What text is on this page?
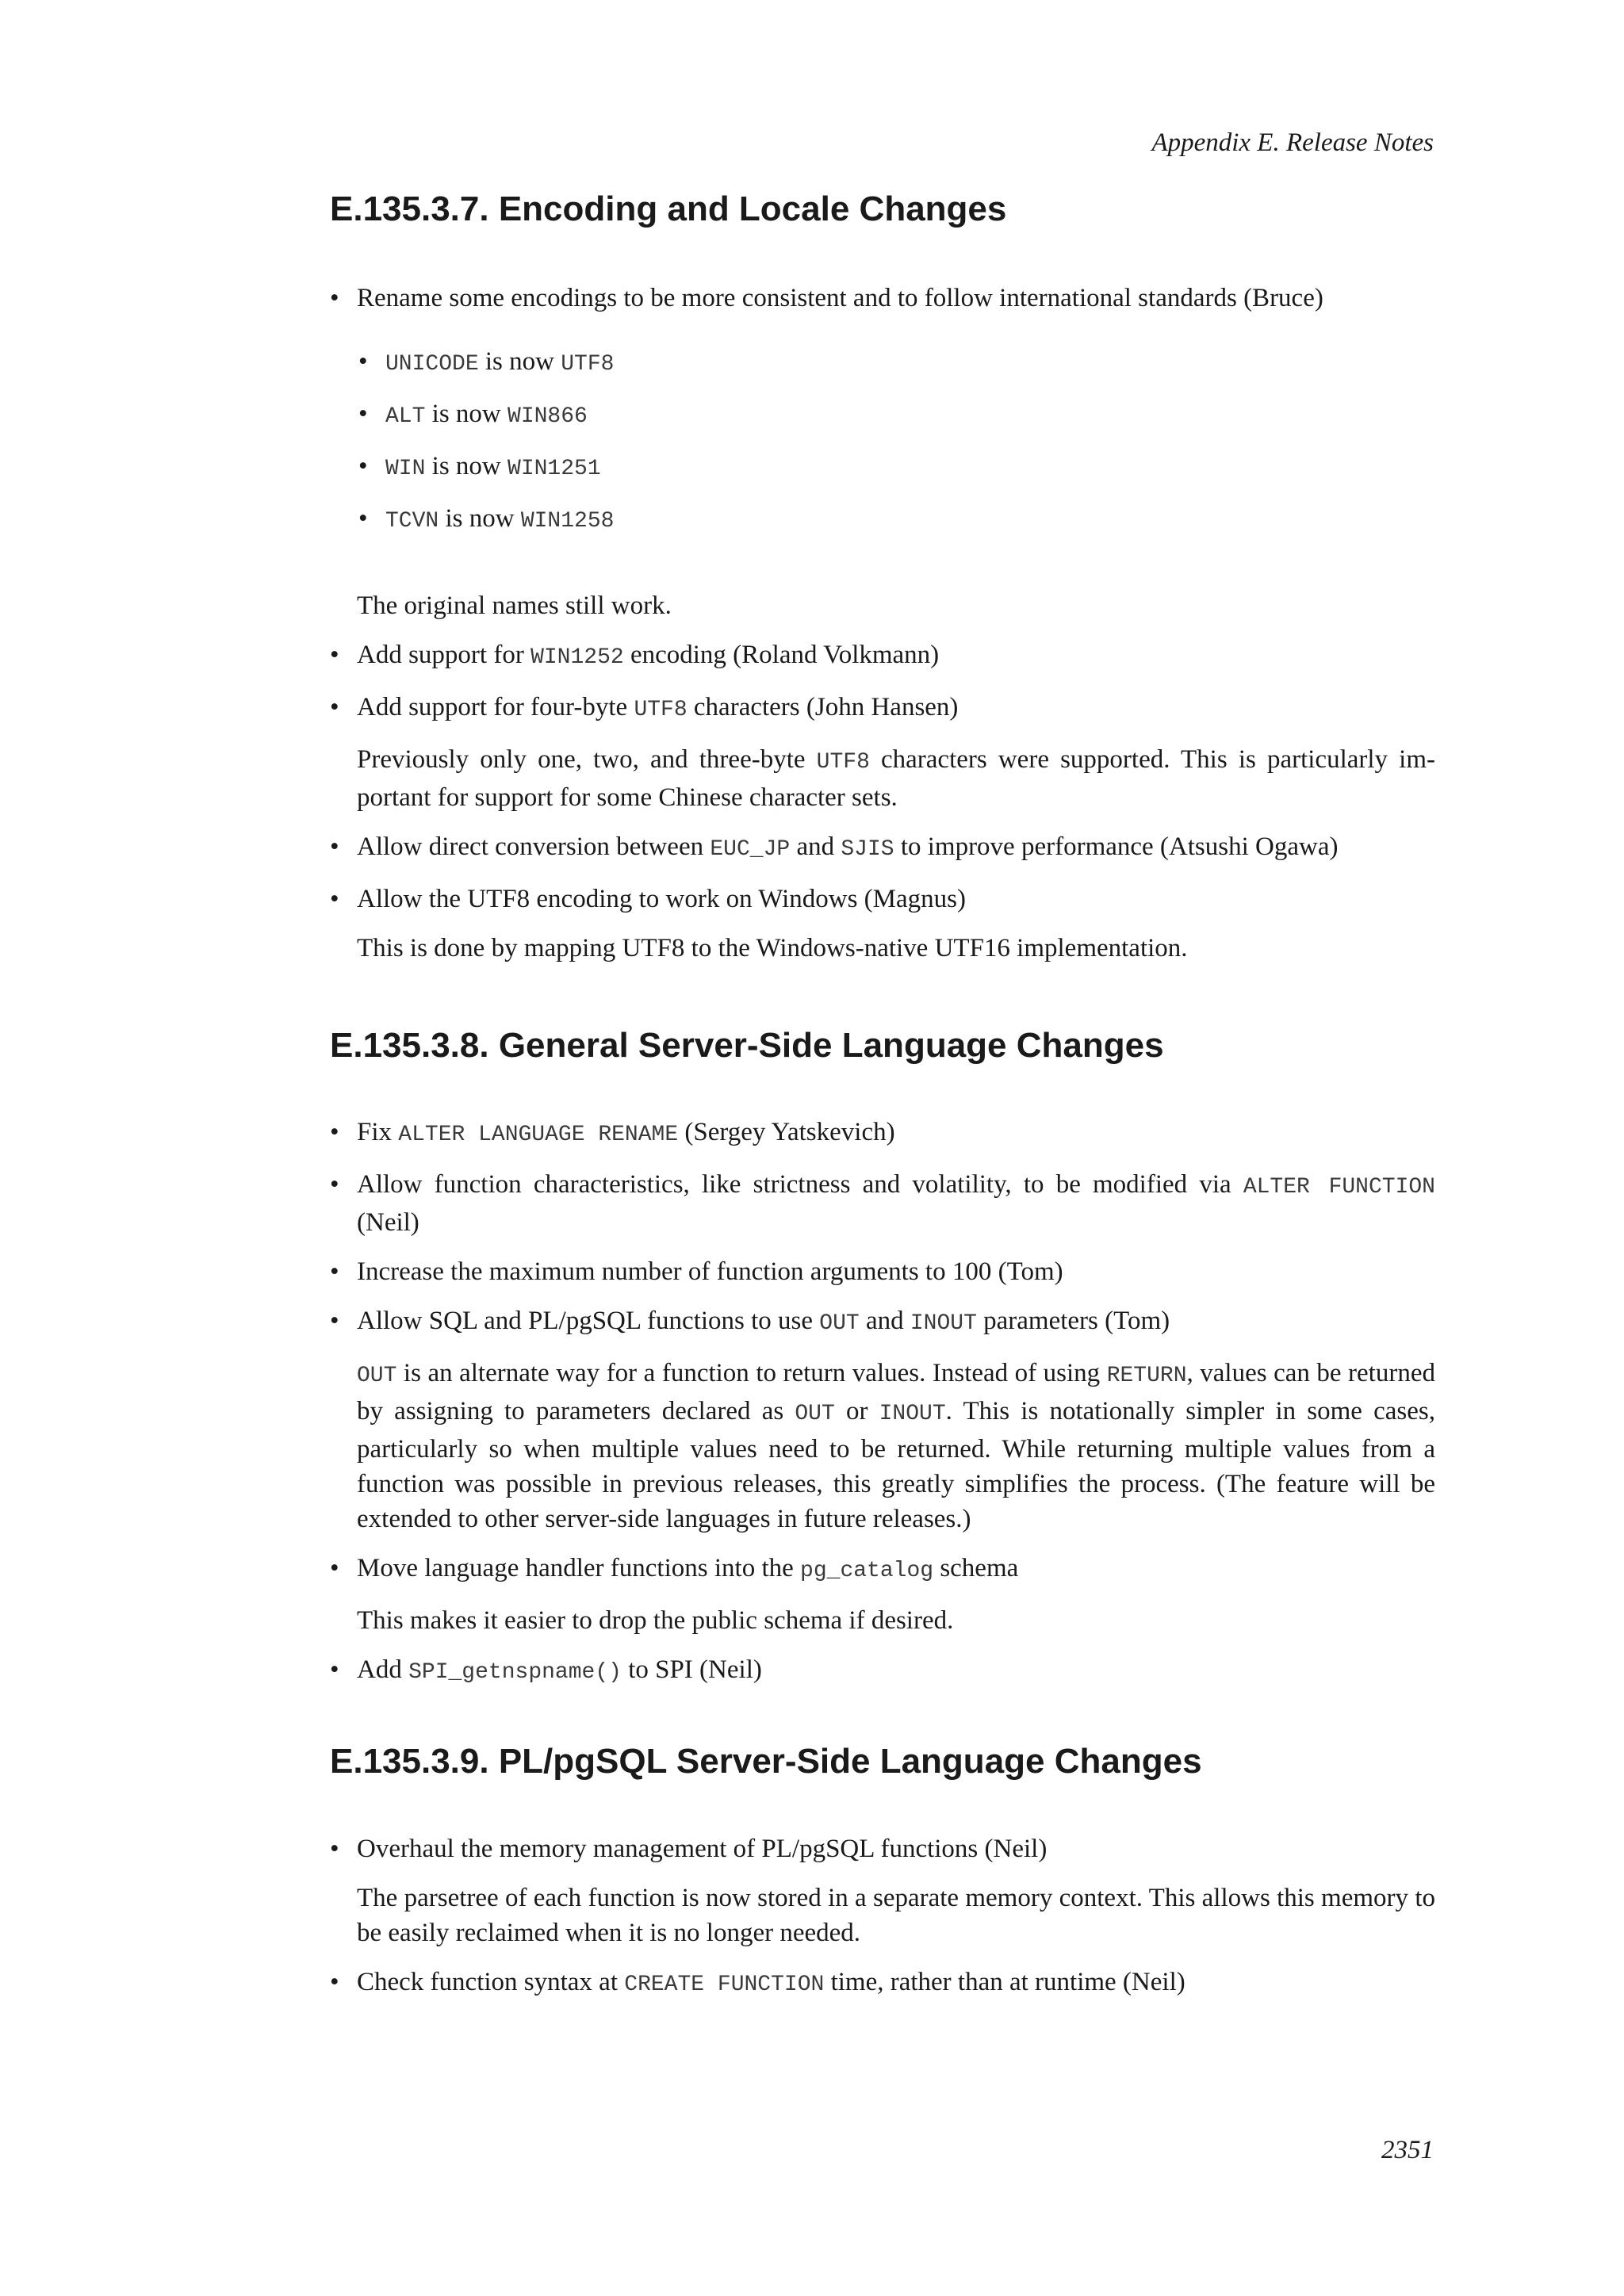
Appendix E. Release Notes
E.135.3.7. Encoding and Locale Changes

• Rename some encodings to be more consistent and to follow international standards (Bruce)

• UNICODE is now UTF8
• ALT is now WIN866
• WIN is now WIN1251
• TCVN is now WIN1258

The original names still work.

• Add support for WIN1252 encoding (Roland Volkmann)

• Add support for four-byte UTF8 characters (John Hansen)

Previously only one, two, and three-byte UTF8 characters were supported. This is particularly im-portant for support for some Chinese character sets.

• Allow direct conversion between EUC_JP and SJIS to improve performance (Atsushi Ogawa)

• Allow the UTF8 encoding to work on Windows (Magnus)

This is done by mapping UTF8 to the Windows-native UTF16 implementation.

E.135.3.8. General Server-Side Language Changes

• Fix ALTER LANGUAGE RENAME (Sergey Yatskevich)

• Allow function characteristics, like strictness and volatility, to be modified via ALTER FUNCTION (Neil)

• Increase the maximum number of function arguments to 100 (Tom)

• Allow SQL and PL/pgSQL functions to use OUT and INOUT parameters (Tom)

OUT is an alternate way for a function to return values. Instead of using RETURN, values can be returned by assigning to parameters declared as OUT or INOUT. This is notationally simpler in some cases, particularly so when multiple values need to be returned. While returning multiple values from a function was possible in previous releases, this greatly simplifies the process. (The feature will be extended to other server-side languages in future releases.)

• Move language handler functions into the pg_catalog schema

This makes it easier to drop the public schema if desired.

• Add SPI_getnspname() to SPI (Neil)

E.135.3.9. PL/pgSQL Server-Side Language Changes

• Overhaul the memory management of PL/pgSQL functions (Neil)

The parsetree of each function is now stored in a separate memory context. This allows this memory to be easily reclaimed when it is no longer needed.

• Check function syntax at CREATE FUNCTION time, rather than at runtime (Neil)

2351
